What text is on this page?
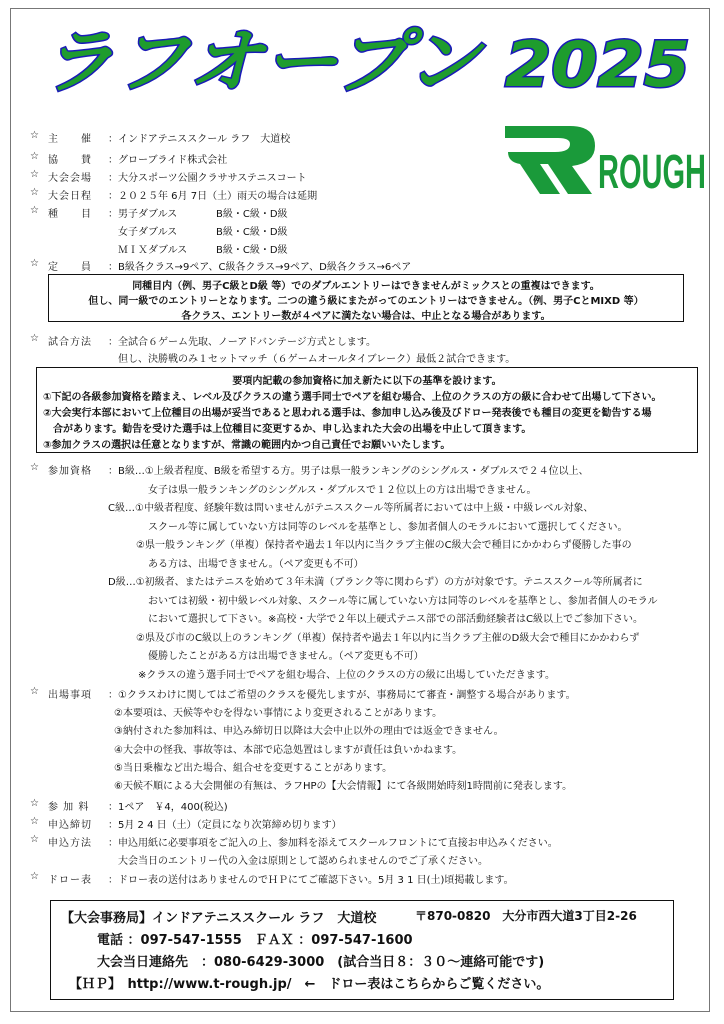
ラフオープン 2025
ROUGH
☆ 主　　催 ：インドアテニススクール ラフ　大道校
☆ 協　　賛 ：グローブライド株式会社
☆ 大会会場 ：大分スポーツ公園クラササステニスコート
☆ 大会日程 ：２０２５年 6月 7日（土）雨天の場合は延期
☆ 種　　目 ：男子ダブルス	B級・C級・D級
女子ダブルス	B級・C級・D級
ＭＩＸダブルス	B級・C級・D級
☆ 定　　員 ：B級各クラス→9ペア、C級各クラス→9ペア、D級各クラス→6ペア
☆ 試合方法 ：全試合６ゲーム先取、ノーアドバンテージ方式とします。
但し、決勝戦のみ１セットマッチ（６ゲームオールタイブレーク）最低２試合できます。
☆ 参加資格 ：B級…①上級者程度、B級を希望する方。男子は県一般ランキングのシングルス・ダブルスで２４位以上、
女子は県一般ランキングのシングルス・ダブルスで１２位以上の方は出場できません。
C級…①中級者程度、経験年数は問いませんがテニススクール等所属者においては中上級・中級レベル対象、
スクール等に属していない方は同等のレベルを基準とし、参加者個人のモラルにおいて選択してください。
②県一般ランキング（単複）保持者や過去１年以内に当クラブ主催のC級大会で種目にかかわらず優勝した事の
ある方は、出場できません。（ペア変更も不可）
D級…①初級者、またはテニスを始めて３年未満（ブランク等に関わらず）の方が対象です。テニススクール等所属者に
おいては初級・初中級レベル対象、スクール等に属していない方は同等のレベルを基準とし、参加者個人のモラル
において選択して下さい。※高校・大学で２年以上硬式テニス部での部活動経験者はC級以上でご参加下さい。
②県及び市のC級以上のランキング（単複）保持者や過去１年以内に当クラブ主催のD級大会で種目にかかわらず
優勝したことがある方は出場できません。（ペア変更も不可）
※クラスの違う選手同士でペアを組む場合、上位のクラスの方の級に出場していただきます。
☆ 出場事項 ：①クラスわけに関してはご希望のクラスを優先しますが、事務局にて審査・調整する場合があります。
②本要項は、天候等やむを得ない事情により変更されることがあります。
③納付された参加料は、申込み締切日以降は大会中止以外の理由では返金できません。
④大会中の怪我、事故等は、本部で応急処置はしますが責任は負いかねます。
⑤当日乗権など出た場合、組合せを変更することがあります。
⑥天候不順による大会開催の有無は、ラフHPの【大会情報】にて各級開始時刻1時間前に発表します。
☆ 参 加 料 ：1ペア　￥4，400(税込)
☆ 申込締切 ：5月 2 4 日（土）（定員になり次第締め切ります）
☆ 申込方法 ：申込用紙に必要事項をご記入の上、参加料を添えてスクールフロントにて直接お申込みください。
大会当日のエントリー代の入金は原則として認められませんのでご了承ください。
☆ ドロー表 ：ドロー表の送付はありませんのでＨＰにてご確認下さい。5月 3 1 日(土)頃掲載します。
同種目内（例、男子C級とD級 等）でのダブルエントリーはできませんがミックスとの重複はできます。
但し、同一級でのエントリーとなります。二つの違う級にまたがってのエントリーはできません。（例、男子CとMIXD 等）
各クラス、エントリー数が４ペアに満たない場合は、中止となる場合があります。
要項内記載の参加資格に加え新たに以下の基準を設けます。
①下記の各級参加資格を踏まえ、レベル及びクラスの違う選手同士でペアを組む場合、上位のクラスの方の級に合わせて出場して下さい。
②大会実行本部において上位種目の出場が妥当であると思われる選手は、参加申し込み後及びドロー発表後でも種目の変更を勧告する場
　合があります。勧告を受けた選手は上位種目に変更するか、申し込まれた大会の出場を中止して頂きます。
③参加クラスの選択は任意となりますが、常識の範囲内かつ自己責任でお願いいたします。
【大会事務局】インドアテニススクール ラフ　大道校	〒870-0820　大分市西大道3丁目2-26
電話 ：097-547-1555　ＦＡＸ ：097-547-1600
大会当日連絡先　：080-6429-3000　(試合当日８：３０～連絡可能です)
【ＨＰ】　http://www.t-rough.jp/　←　ドロー表はこちらからご覧ください。
